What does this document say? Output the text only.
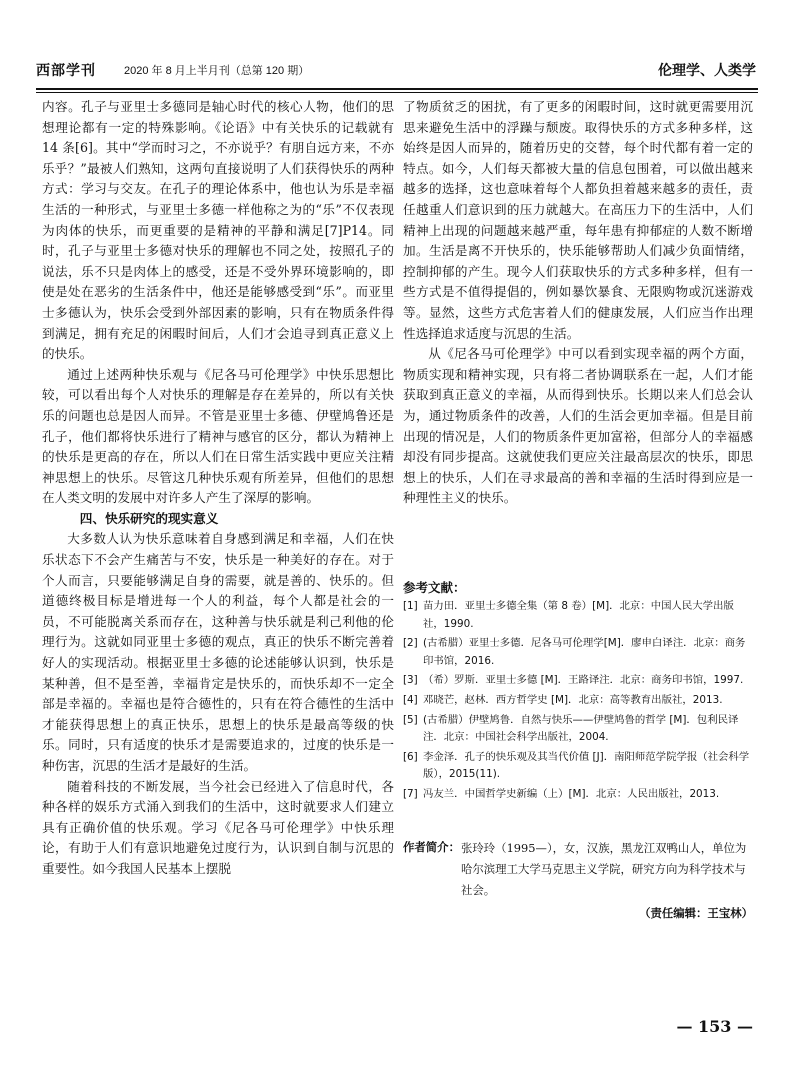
西部学刊	2020 年 8 月上半月刊（总第 120 期）	伦理学、人类学

内容。孔子与亚里士多德同是轴心时代的核心人物，他们的思想理论都有一定的特殊影响。《论语》中有关快乐的记载就有 14 条[6]。其中“学而时习之，不亦说乎？有朋自远方来，不亦乐乎？”最被人们熟知，这两句直接说明了人们获得快乐的两种方式：学习与交友。在孔子的理论体系中，他也认为乐是幸福生活的一种形式，与亚里士多德一样他称之为的“乐”不仅表现为肉体的快乐，而更重要的是精神的平静和满足[7]P14。同时，孔子与亚里士多德对快乐的理解也不同之处，按照孔子的说法，乐不只是肉体上的感受，还是不受外界环境影响的，即使是处在恶劣的生活条件中，他还是能够感受到“乐”。而亚里士多德认为，快乐会受到外部因素的影响，只有在物质条件得到满足，拥有充足的闲暇时间后，人们才会追寻到真正意义上的快乐。

通过上述两种快乐观与《尼各马可伦理学》中快乐思想比较，可以看出每个人对快乐的理解是存在差异的，所以有关快乐的问题也总是因人而异。不管是亚里士多德、伊壁鸠鲁还是孔子，他们都将快乐进行了精神与感官的区分，都认为精神上的快乐是更高的存在，所以人们在日常生活实践中更应关注精神思想上的快乐。尽管这几种快乐观有所差异，但他们的思想在人类文明的发展中对许多人产生了深厚的影响。

四、快乐研究的现实意义

大多数人认为快乐意味着自身感到满足和幸福，人们在快乐状态下不会产生痛苦与不安，快乐是一种美好的存在。对于个人而言，只要能够满足自身的需要，就是善的、快乐的。但道德终极目标是增进每一个人的利益，每个人都是社会的一员，不可能脱离关系而存在，这种善与快乐就是利己利他的伦理行为。这就如同亚里士多德的观点，真正的快乐不断完善着好人的实现活动。根据亚里士多德的论述能够认识到，快乐是某种善，但不是至善，幸福肯定是快乐的，而快乐却不一定全部是幸福的。幸福也是符合德性的，只有在符合德性的生活中才能获得思想上的真正快乐，思想上的快乐是最高等级的快乐。同时，只有适度的快乐才是需要追求的，过度的快乐是一种伤害，沉思的生活才是最好的生活。

随着科技的不断发展，当今社会已经进入了信息时代，各种各样的娱乐方式涌入到我们的生活中，这时就要求人们建立具有正确价值的快乐观。学习《尼各马可伦理学》中快乐理论，有助于人们有意识地避免过度行为，认识到自制与沉思的重要性。如今我国人民基本上摆脱

了物质贫乏的困扰，有了更多的闲暇时间，这时就更需要用沉思来避免生活中的浮躁与颓废。取得快乐的方式多种多样，这始终是因人而异的，随着历史的交替，每个时代都有着一定的特点。如今，人们每天都被大量的信息包围着，可以做出越来越多的选择，这也意味着每个人都负担着越来越多的责任，责任越重人们意识到的压力就越大。在高压力下的生活中，人们精神上出现的问题越来越严重，每年患有抑郁症的人数不断增加。生活是离不开快乐的，快乐能够帮助人们减少负面情绪，控制抑郁的产生。现今人们获取快乐的方式多种多样，但有一些方式是不值得提倡的，例如暴饮暴食、无限购物或沉迷游戏等。显然，这些方式危害着人们的健康发展，人们应当作出理性选择追求适度与沉思的生活。

从《尼各马可伦理学》中可以看到实现幸福的两个方面，物质实现和精神实现，只有将二者协调联系在一起，人们才能获取到真正意义的幸福，从而得到快乐。长期以来人们总会认为，通过物质条件的改善，人们的生活会更加幸福。但是目前出现的情况是，人们的物质条件更加富裕，但部分人的幸福感却没有同步提高。这就使我们更应关注最高层次的快乐，即思想上的快乐，人们在寻求最高的善和幸福的生活时得到应是一种理性主义的快乐。

参考文献：
[1] 苗力田．亚里士多德全集（第 8 卷）[M]．北京：中国人民大学出版社，1990.
[2] (古希腊）亚里士多德．尼各马可伦理学[M]．廖申白译注．北京：商务印书馆，2016.
[3] （希）罗斯．亚里士多德 [M]．王路译注．北京：商务印书馆，1997.
[4] 邓晓芒，赵林．西方哲学史 [M]．北京：高等教育出版社，2013.
[5] (古希腊）伊壁鸠鲁．自然与快乐——伊壁鸠鲁的哲学 [M]．包利民译注．北京：中国社会科学出版社，2004.
[6] 李金泽．孔子的快乐观及其当代价值 [J]．南阳师范学院学报（社会科学版），2015(11).
[7] 冯友兰．中国哲学史新编（上）[M]．北京：人民出版社，2013.
作者简介： 张玲玲（1995—），女，汉族，黑龙江双鸭山人，单位为哈尔滨理工大学马克思主义学院，研究方向为科学技术与社会。
（责任编辑：王宝林）
— 153 —
